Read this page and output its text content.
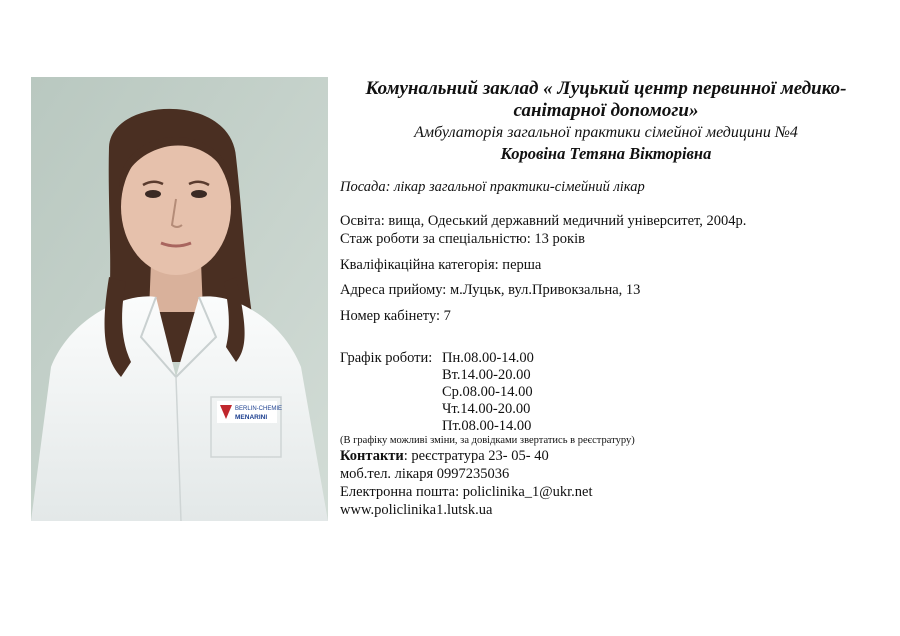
BERLIN-CHEMIE
MENARINI
Комунальний заклад « Луцький центр первинної медико-санітарної допомоги»
Амбулаторія загальної практики сімейної медицини №4
Коровіна Тетяна Вікторівна
Посада: лікар загальної практики-сімейний лікар
Освіта: вища, Одеський державний медичний університет, 2004р.
Стаж роботи за спеціальністю: 13 років
Кваліфікаційна категорія: перша
Адреса прийому: м.Луцьк, вул.Привокзальна, 13
Номер кабінету: 7
Графік роботи: Пн.08.00-14.00
Вт.14.00-20.00
Ср.08.00-14.00
Чт.14.00-20.00
Пт.08.00-14.00
(В графіку можливі зміни, за довідками звертатись в реєстратуру)
Контакти: реєстратура 23- 05- 40
моб.тел. лікаря 0997235036
Електронна пошта: policlinika_1@ukr.net
www.policlinika1.lutsk.ua
